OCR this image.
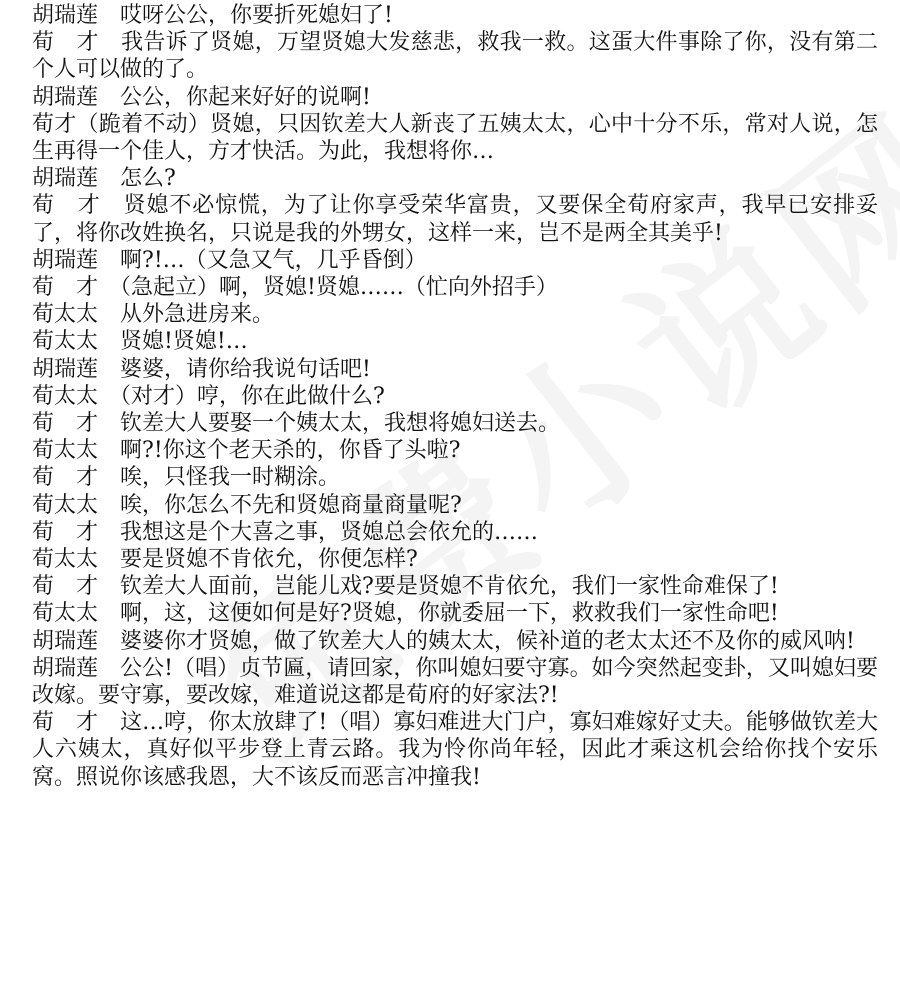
胡瑞莲　 哎呀公公，你要折死媳妇了!

荀　才　 我告诉了贤媳，万望贤媳大发慈悲，救我一救。这蛋大件事除了你，没有第二个人可以做的了。

胡瑞莲　 公公，你起来好好的说啊!

荀才（跪着不动）贤媳，只因钦差大人新丧了五姨太太，心中十分不乐，常对人说，怎生再得一个佳人，方才快活。为此，我想将你…

胡瑞莲　 怎么?

荀　才　 贤媳不必惊慌，为了让你享受荣华富贵，又要保全荀府家声，我早已安排妥了，将你改姓换名，只说是我的外甥女，这样一来，岂不是两全其美乎!

胡瑞莲　 啊?!…（又急又气，几乎昏倒）

荀　才　 （急起立）啊，贤媳!贤媳……（忙向外招手）

荀太太　 从外急进房来。

荀太太　 贤媳!贤媳!…

胡瑞莲　 婆婆，请你给我说句话吧!

荀太太　 （对才）哼，你在此做什么?

荀　才　 钦差大人要娶一个姨太太，我想将媳妇送去。

荀太太　 啊?!你这个老天杀的，你昏了头啦?

荀　才　 唉，只怪我一时糊涂。

荀太太　 唉，你怎么不先和贤媳商量商量呢?

荀　才　 我想这是个大喜之事，贤媳总会依允的……

荀太太　 要是贤媳不肯依允，你便怎样?

荀　才　 钦差大人面前，岂能儿戏?要是贤媳不肯依允，我们一家性命难保了!

荀太太　 啊，这，这便如何是好?贤媳，你就委屈一下，救救我们一家性命吧!

胡瑞莲　 婆婆你才贤媳，做了钦差大人的姨太太，候补道的老太太还不及你的威风呐!

胡瑞莲　 公公!（唱）贞节匾，请回家，你叫媳妇要守寡。如今突然起变卦，又叫媳妇要改嫁。要守寡，要改嫁，难道说这都是荀府的好家法?!

荀　才　 这…哼，你太放肆了!（唱）寡妇难进大门户，寡妇难嫁好丈夫。能够做钦差大人六姨太，真好似平步登上青云路。我为怜你尚年轻，因此才乘这机会给你找个安乐窝。照说你该感我恩，大不该反而恶言冲撞我!
